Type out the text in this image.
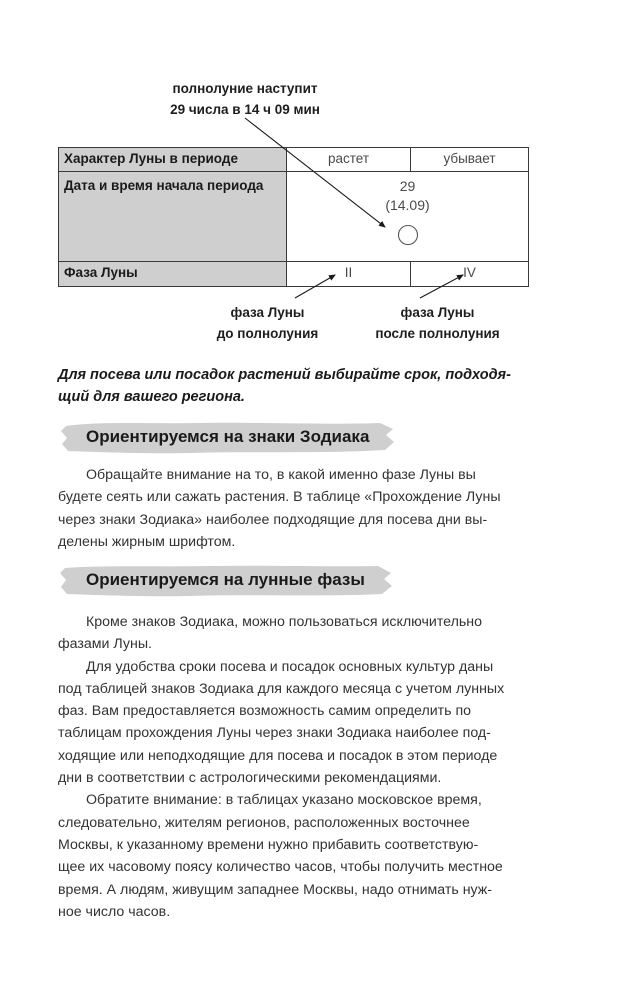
полнолуние наступит
29 числа в 14 ч 09 мин
Характер Луны в периоде	растет	убывает
Дата и время начала периода	29
(14.09)
Фаза Луны	II	IV
фаза Луны
до полнолуния
фаза Луны
после полнолуния
Для посева или посадок растений выбирайте срок, подходя-
щий для вашего региона.
Ориентируемся на знаки Зодиака
Обращайте внимание на то, в какой именно фазе Луны вы
будете сеять или сажать растения. В таблице «Прохождение Луны
через знаки Зодиака» наиболее подходящие для посева дни вы-
делены жирным шрифтом.
Ориентируемся на лунные фазы
Кроме знаков Зодиака, можно пользоваться исключительно
фазами Луны.
Для удобства сроки посева и посадок основных культур даны
под таблицей знаков Зодиака для каждого месяца с учетом лунных
фаз. Вам предоставляется возможность самим определить по
таблицам прохождения Луны через знаки Зодиака наиболее под-
ходящие или неподходящие для посева и посадок в этом периоде
дни в соответствии с астрологическими рекомендациями.
Обратите внимание: в таблицах указано московское время,
следовательно, жителям регионов, расположенных восточнее
Москвы, к указанному времени нужно прибавить соответствую-
щее их часовому поясу количество часов, чтобы получить местное
время. А людям, живущим западнее Москвы, надо отнимать нуж-
ное число часов.
